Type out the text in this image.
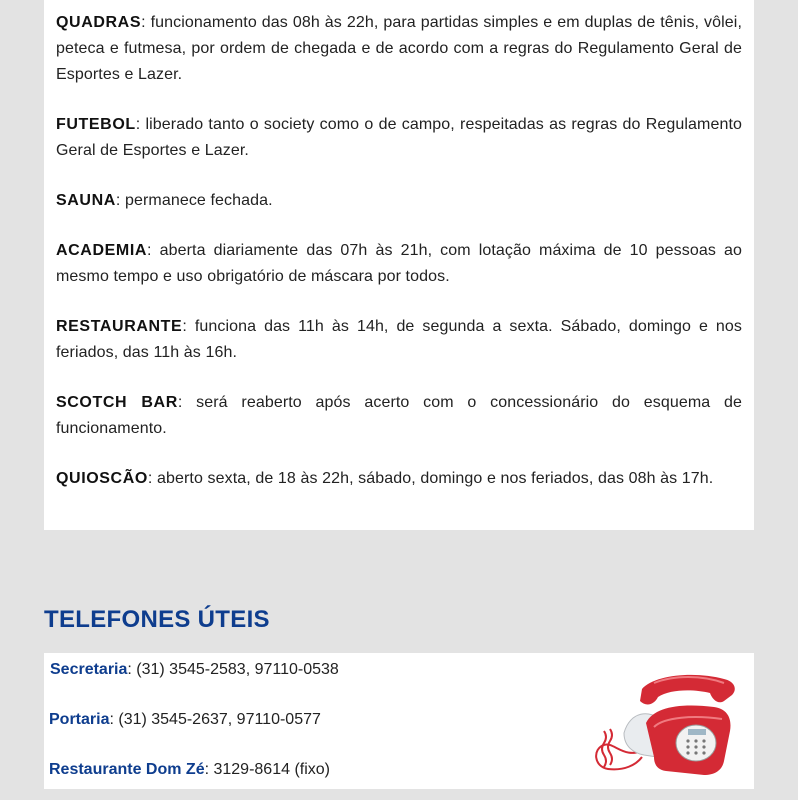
QUADRAS: funcionamento das 08h às 22h, para partidas simples e em duplas de tênis, vôlei, peteca e futmesa, por ordem de chegada e de acordo com a regras do Regulamento Geral de Esportes e Lazer.

FUTEBOL: liberado tanto o society como o de campo, respeitadas as regras do Regulamento Geral de Esportes e Lazer.

SAUNA: permanece fechada.

ACADEMIA: aberta diariamente das 07h às 21h, com lotação máxima de 10 pessoas ao mesmo tempo e uso obrigatório de máscara por todos.

RESTAURANTE: funciona das 11h às 14h, de segunda a sexta. Sábado, domingo e nos feriados, das 11h às 16h.

SCOTCH BAR: será reaberto após acerto com o concessionário do esquema de funcionamento.

QUIOSCÃO: aberto sexta, de 18 às 22h, sábado, domingo e nos feriados, das 08h às 17h.

TELEFONES ÚTEIS
Secretaria: (31) 3545-2583, 97110-0538
Portaria: (31) 3545-2637, 97110-0577
Restaurante Dom Zé: 3129-8614 (fixo)
